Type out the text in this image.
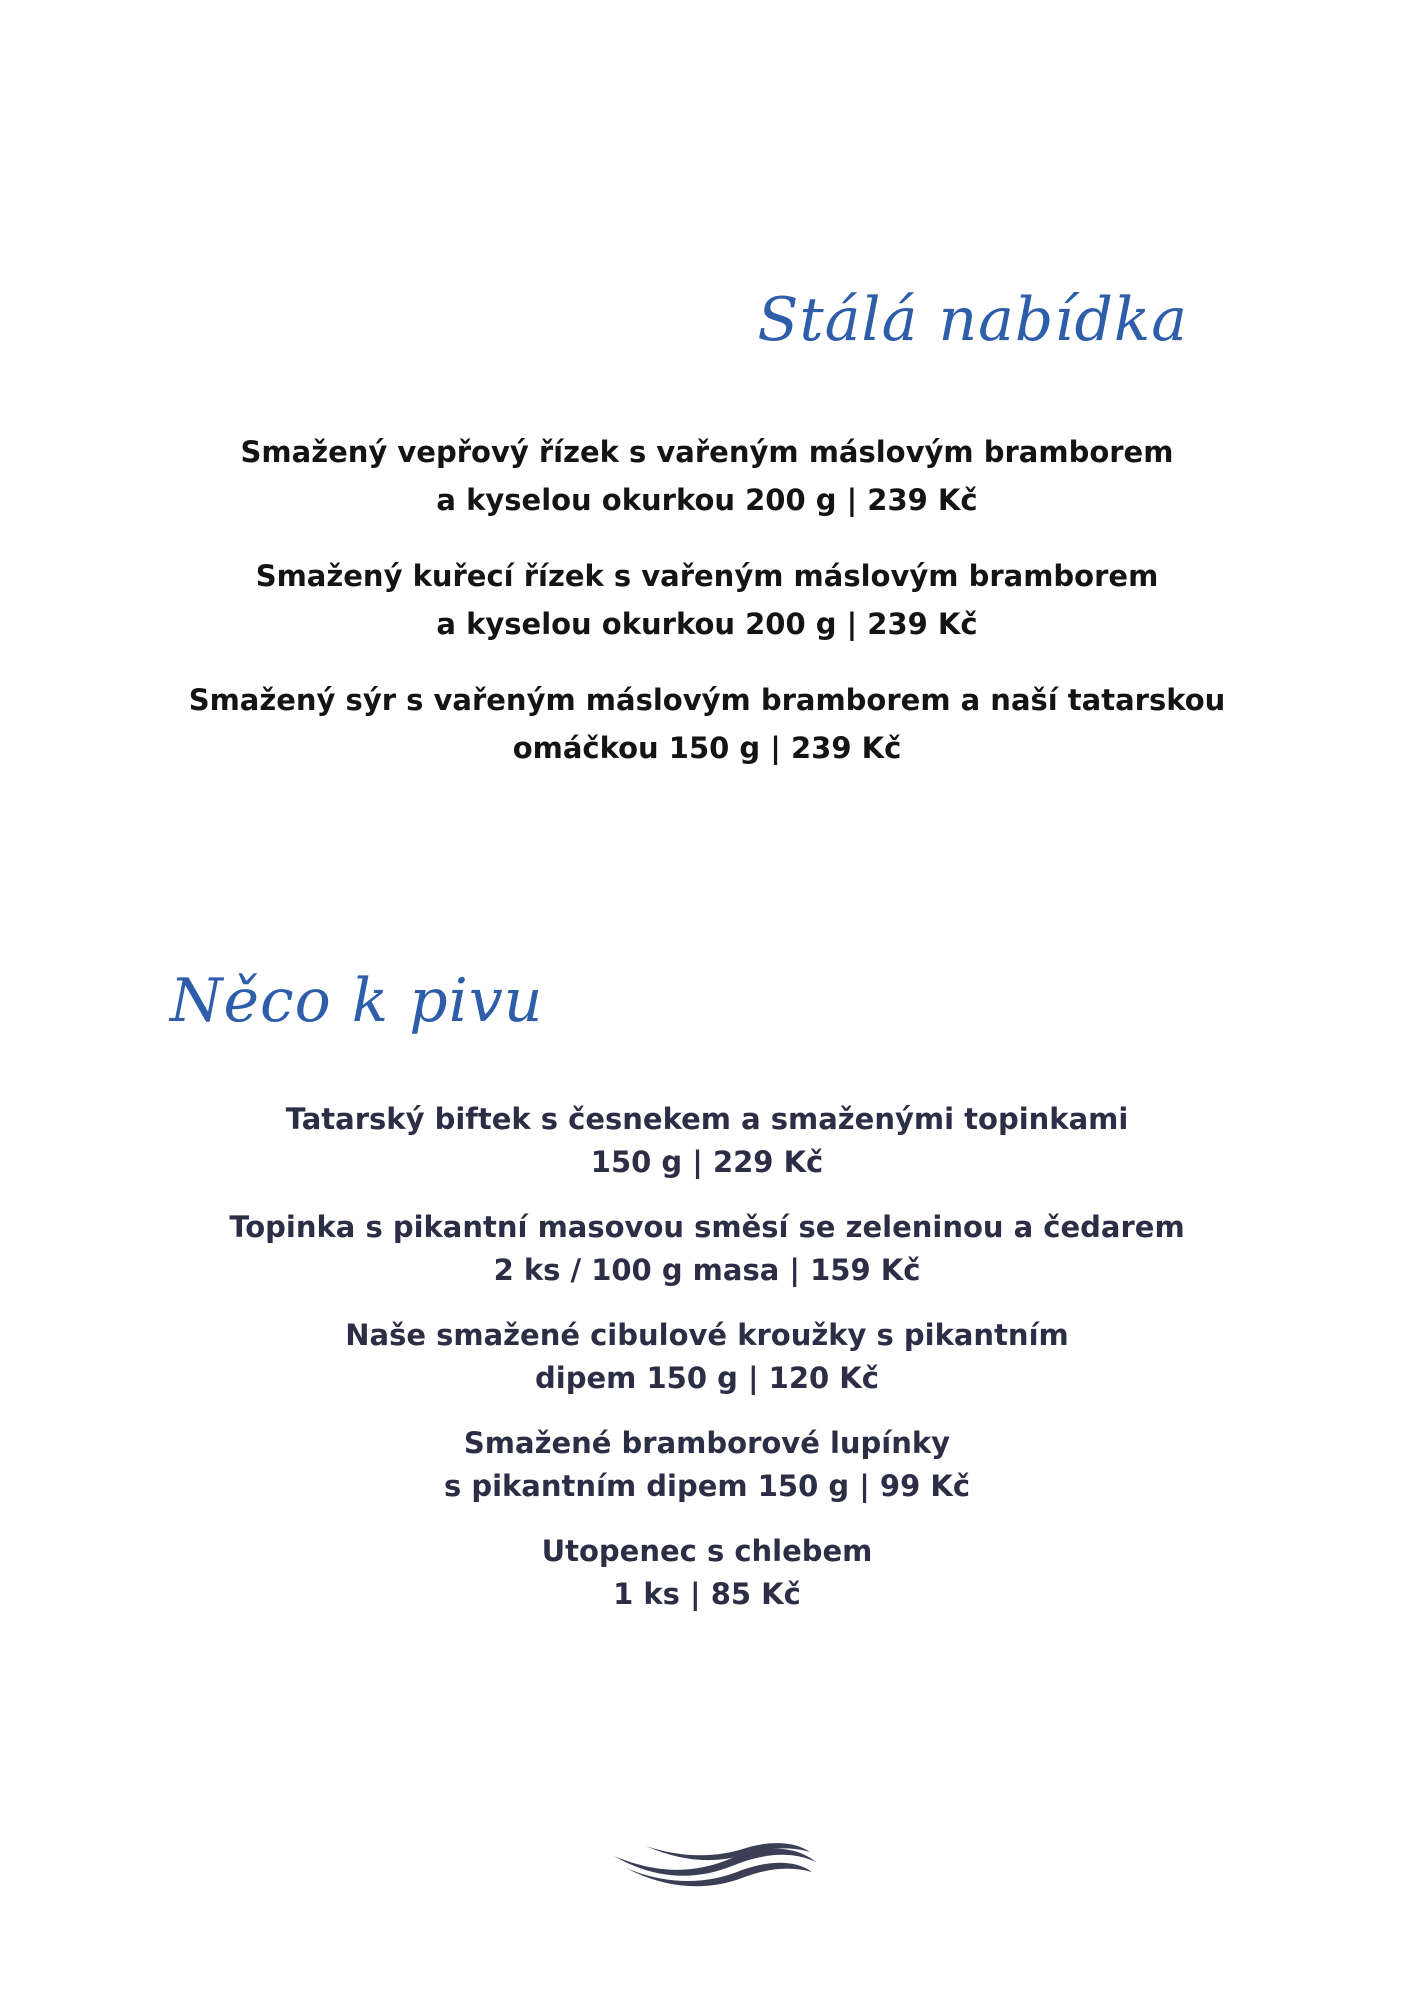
Stálá nabídka

Smažený vepřový řízek s vařeným máslovým bramborem
a kyselou okurkou 200 g | 239 Kč

Smažený kuřecí řízek s vařeným máslovým bramborem
a kyselou okurkou 200 g | 239 Kč

Smažený sýr s vařeným máslovým bramborem a naší tatarskou
omáčkou 150 g | 239 Kč

Něco k pivu

Tatarský biftek s česnekem a smaženými topinkami
150 g | 229 Kč

Topinka s pikantní masovou směsí se zeleninou a čedarem
2 ks / 100 g masa | 159 Kč

Naše smažené cibulové kroužky s pikantním
dipem 150 g | 120 Kč

Smažené bramborové lupínky
s pikantním dipem 150 g | 99 Kč

Utopenec s chlebem
1 ks | 85 Kč
